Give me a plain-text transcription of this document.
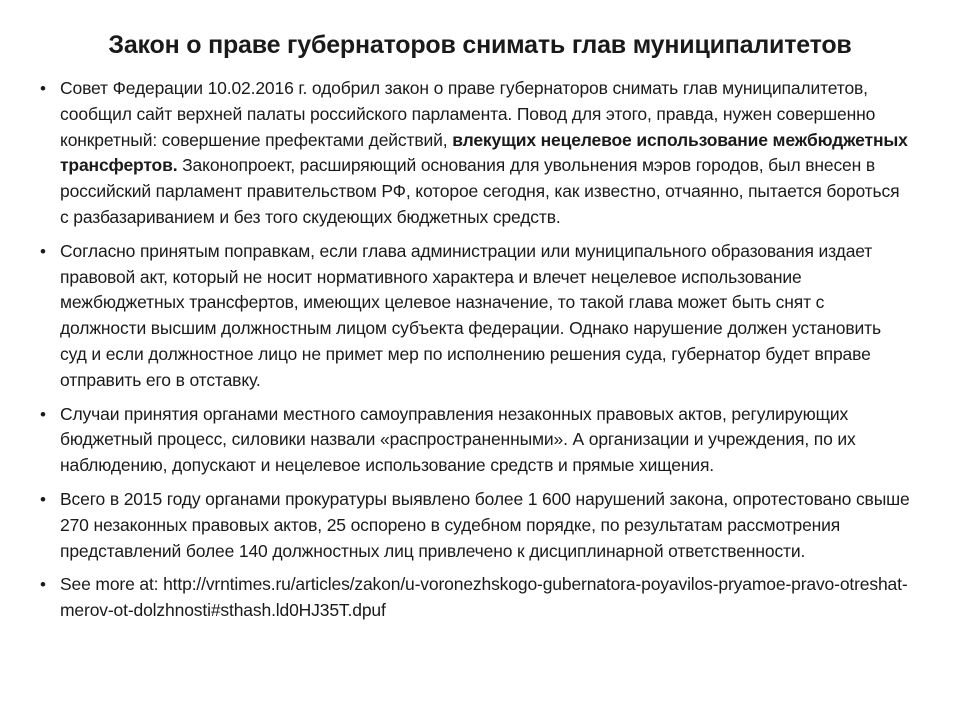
Закон о праве губернаторов снимать глав муниципалитетов
• Совет Федерации 10.02.2016 г. одобрил закон о праве губернаторов снимать глав муниципалитетов, сообщил сайт верхней палаты российского парламента. Повод для этого, правда, нужен совершенно конкретный: совершение префектами действий, влекущих нецелевое использование межбюджетных трансфертов. Законопроект, расширяющий основания для увольнения мэров городов, был внесен в российский парламент правительством РФ, которое сегодня, как известно, отчаянно, пытается бороться с разбазариванием и без того скудеющих бюджетных средств.
• Согласно принятым поправкам, если глава администрации или муниципального образования издает правовой акт, который не носит нормативного характера и влечет нецелевое использование межбюджетных трансфертов, имеющих целевое назначение, то такой глава может быть снят с должности высшим должностным лицом субъекта федерации. Однако нарушение должен установить суд и если должностное лицо не примет мер по исполнению решения суда, губернатор будет вправе отправить его в отставку.
• Случаи принятия органами местного самоуправления незаконных правовых актов, регулирующих бюджетный процесс, силовики назвали «распространенными». А организации и учреждения, по их наблюдению, допускают и нецелевое использование средств и прямые хищения.
• Всего в 2015 году органами прокуратуры выявлено более 1 600 нарушений закона, опротестовано свыше 270 незаконных правовых актов, 25 оспорено в судебном порядке, по результатам рассмотрения представлений более 140 должностных лиц привлечено к дисциплинарной ответственности.
• See more at: http://vrntimes.ru/articles/zakon/u-voronezhskogo-gubernatora-poyavilos-pryamoe-pravo-otreshat-merov-ot-dolzhnosti#sthash.ld0HJ35T.dpuf
